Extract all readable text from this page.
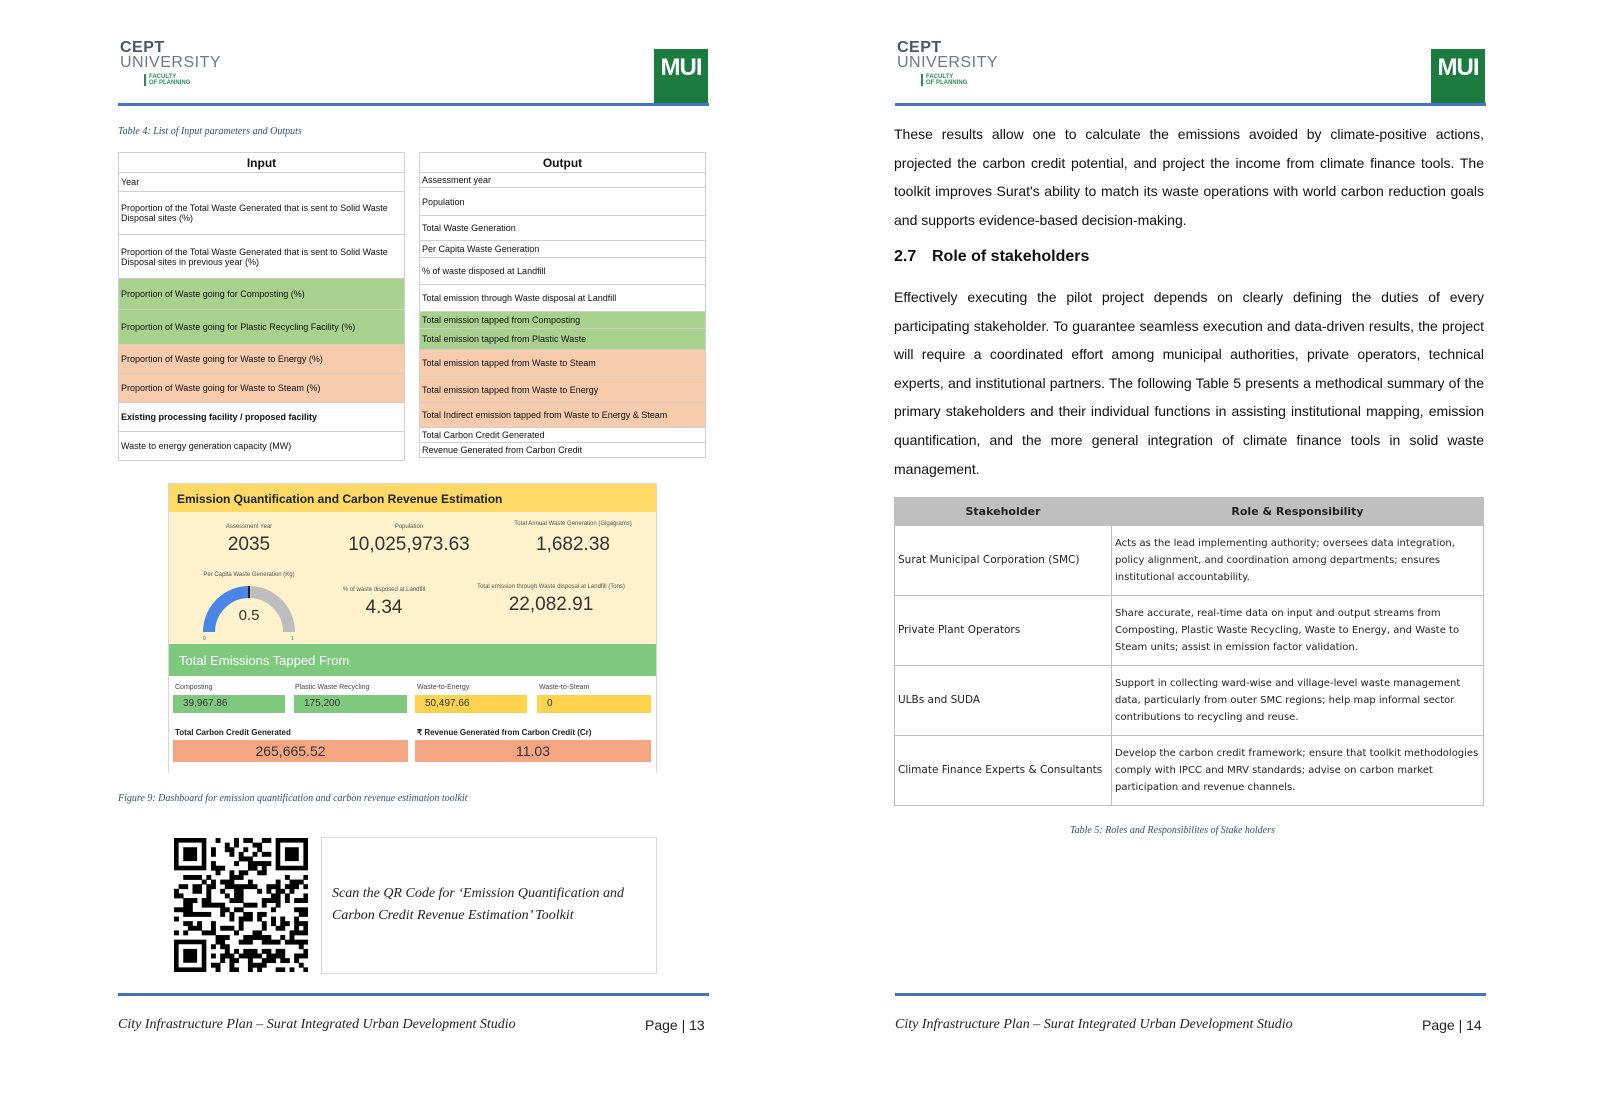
CEPT
UNIVERSITY
FACULTY
OF PLANNING
MUI

Table 4: List of Input parameters and Outputs
Input
Year
Proportion of the Total Waste Generated that is sent to Solid Waste Disposal sites (%)
Proportion of the Total Waste Generated that is sent to Solid Waste Disposal sites in previous year (%)
Proportion of Waste going for Composting (%)
Proportion of Waste going for Plastic Recycling Facility (%)
Proportion of Waste going for Waste to Energy (%)
Proportion of Waste going for Waste to Steam (%)
Existing processing facility / proposed facility
Waste to energy generation capacity (MW)
Output
Assessment year
Population
Total Waste Generation
Per Capita Waste Generation
% of waste disposed at Landfill
Total emission through Waste disposal at Landfill
Total emission tapped from Composting
Total emission tapped from Plastic Waste
Total emission tapped from Waste to Steam
Total emission tapped from Waste to Energy
Total Indirect emission tapped from Waste to Energy & Steam
Total Carbon Credit Generated
Revenue Generated from Carbon Credit
Emission Quantification and Carbon Revenue Estimation
Assessment Year
2035
Population
10,025,973.63
Total Annual Waste Generation (Gigagrams)
1,682.38
Per Capita Waste Generation (Kg)
0	1
0.5
% of waste disposed at Landfill
4.34
Total emission through Waste disposal at Landfill (Tons)
22,082.91
Total Emissions Tapped From
Composting
39,967.86
Plastic Waste Recycling
175,200
Waste-to-Energy
50,497.66
Waste-to-Steam
0
Total Carbon Credit Generated
265,665.52
₹ Revenue Generated from Carbon Credit (Cr)
11.03
Figure 9: Dashboard for emission quantification and carbon revenue estimation toolkit
Scan the QR Code for ‘Emission Quantification and Carbon Credit Revenue Estimation’ Toolkit
City Infrastructure Plan – Surat Integrated Urban Development Studio	Page | 13
CEPT
UNIVERSITY
FACULTY
OF PLANNING
MUI

City Infrastructure Plan – Surat Integrated Urban Development Studio	Page | 14
These results allow one to calculate the emissions avoided by climate-positive actions, projected the carbon credit potential, and project the income from climate finance tools. The toolkit improves Surat's ability to match its waste operations with world carbon reduction goals and supports evidence-based decision-making.
2.7 Role of stakeholders
Effectively executing the pilot project depends on clearly defining the duties of every participating stakeholder. To guarantee seamless execution and data-driven results, the project will require a coordinated effort among municipal authorities, private operators, technical experts, and institutional partners. The following Table 5 presents a methodical summary of the primary stakeholders and their individual functions in assisting institutional mapping, emission quantification, and the more general integration of climate finance tools in solid waste management.
Stakeholder	Role & Responsibility
Surat Municipal Corporation (SMC)	Acts as the lead implementing authority; oversees data integration, policy alignment, and coordination among departments; ensures institutional accountability.
Private Plant Operators	Share accurate, real-time data on input and output streams from Composting, Plastic Waste Recycling, Waste to Energy, and Waste to Steam units; assist in emission factor validation.
ULBs and SUDA	Support in collecting ward-wise and village-level waste management data, particularly from outer SMC regions; help map informal sector contributions to recycling and reuse.
Climate Finance Experts & Consultants	Develop the carbon credit framework; ensure that toolkit methodologies comply with IPCC and MRV standards; advise on carbon market participation and revenue channels.
Table 5: Roles and Responsibilites of Stake holders
